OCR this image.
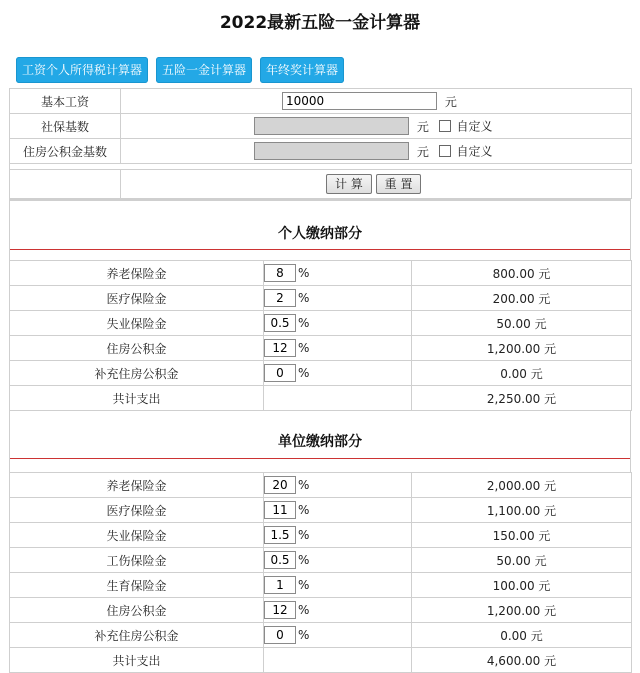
2022最新五险一金计算器
工资个人所得税计算器	五险一金计算器	年终奖计算器
基本工资	10000元
社保基数	元 自定义
住房公积金基数	元 自定义

	计 算 重 置
个人缴纳部分
养老保险金	8%	800.00 元
医疗保险金	2%	200.00 元
失业保险金	0.5%	50.00 元
住房公积金	12%	1,200.00 元
补充住房公积金	0%	0.00 元
共计支出		2,250.00 元
单位缴纳部分
养老保险金	20%	2,000.00 元
医疗保险金	11%	1,100.00 元
失业保险金	1.5%	150.00 元
工伤保险金	0.5%	50.00 元
生育保险金	1%	100.00 元
住房公积金	12%	1,200.00 元
补充住房公积金	0%	0.00 元
共计支出		4,600.00 元
